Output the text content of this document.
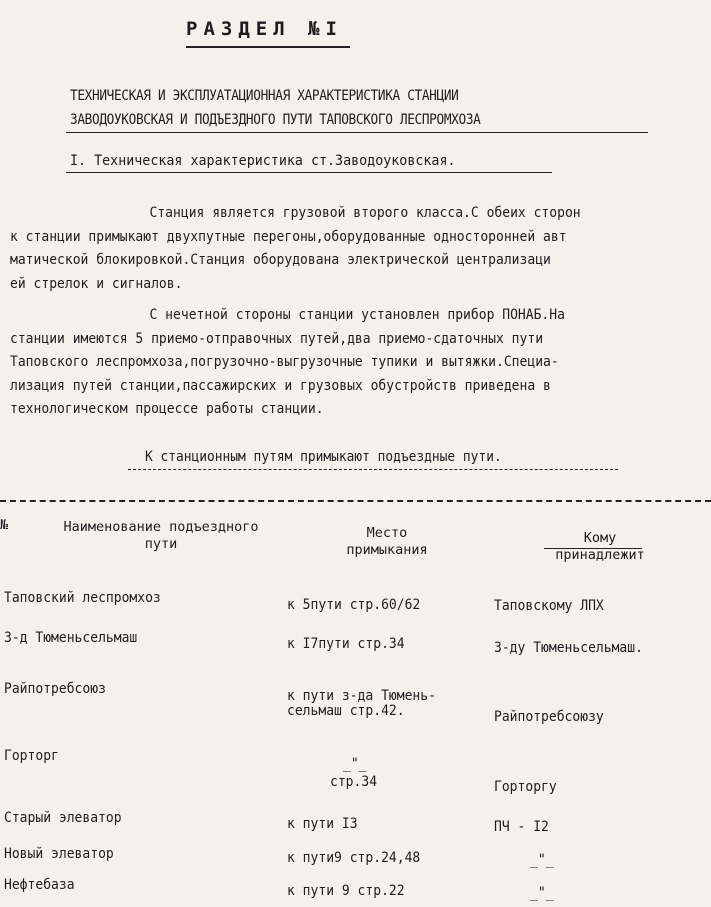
РАЗДЕЛ №I
ТЕХНИЧЕСКАЯ И ЭКСПЛУАТАЦИОННАЯ ХАРАКТЕРИСТИКА СТАНЦИИ
ЗАВОДОУКОВСКАЯ И ПОДЪЕЗДНОГО ПУТИ ТАПОВСКОГО ЛЕСПРОМХОЗА
I. Техническая характеристика ст.Заводоуковская.
Станция является грузовой второго класса.С обеих сторон
к станции примыкают двухпутные перегоны,оборудованные односторонней авт
матической блокировкой.Станция оборудована электрической централизаци
ей стрелок и сигналов.
С нечетной стороны станции установлен прибор ПОНАБ.На
станции имеются 5 приемо-отправочных путей,два приемо-сдаточных пути
Таповского леспромхоза,погрузочно-выгрузочные тупики и вытяжки.Специа-
лизация путей станции,пассажирских и грузовых обустройств приведена в
технологическом процессе работы станции.
К станционным путям примыкают подъездные пути.
№	Наименование подъездного
пути
Место
примыкания
Кому
принадлежит
Таповский леспромхоз	к 5пути стр.60/62	Таповскому ЛПХ
З-д Тюменьсельмаш	к I7пути стр.34	З-ду Тюменьсельмаш.
Райпотребсоюз	к пути з-да Тюмень-
сельмаш стр.42.	Райпотребсоюзу
Горторг	_"_
стр.34	Горторгу
Старый элеватор	к пути I3	ПЧ - I2
Новый элеватор	к пути9 стр.24,48	_"_
Нефтебаза	к пути 9 стр.22	_"_
